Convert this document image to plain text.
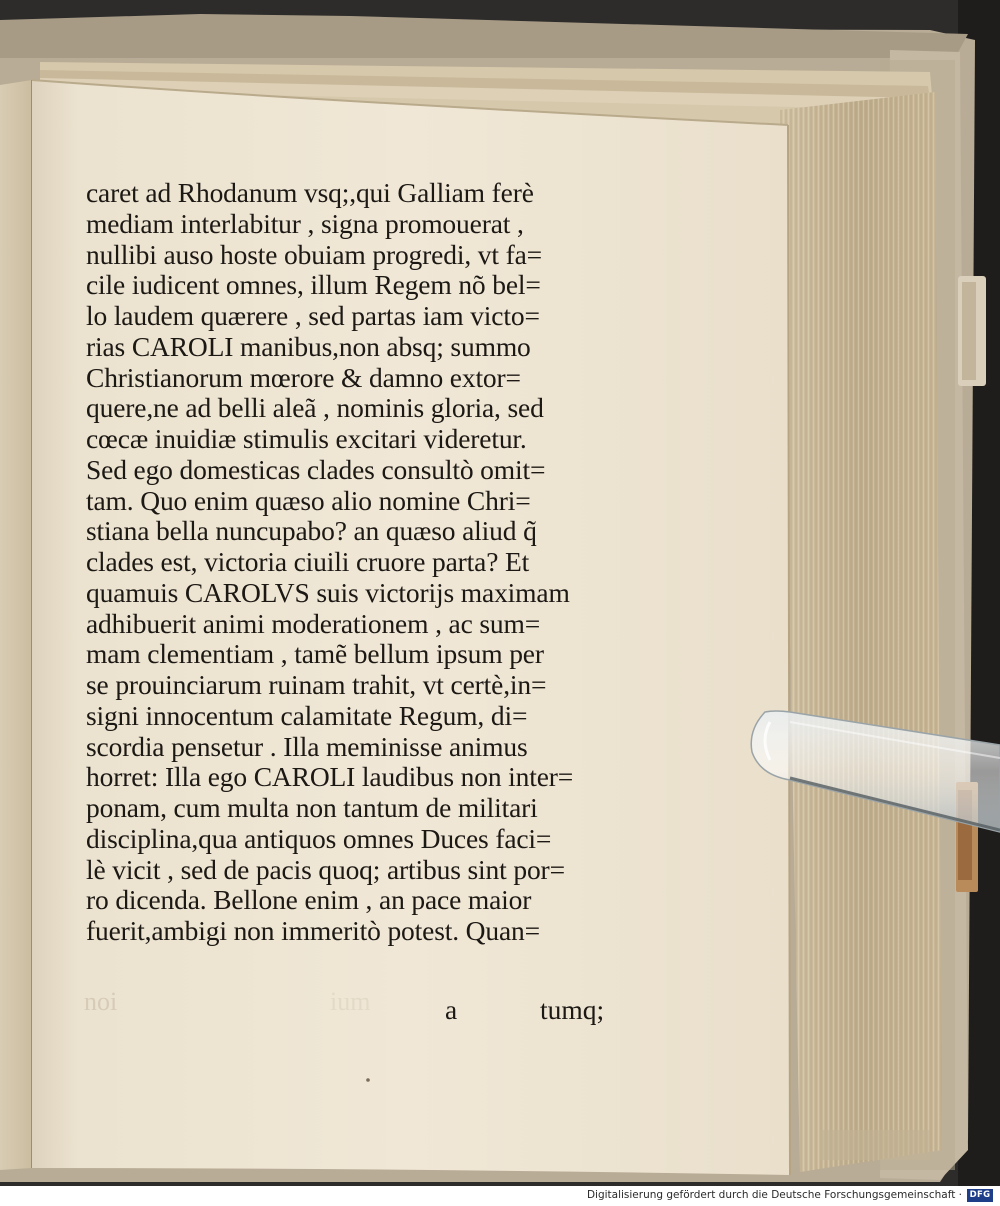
noi	ium
caret ad Rhodanum vsq;,qui Galliam ferè
mediam interlabitur , signa promouerat ,
nullibi auso hoste obuiam progredi, vt fa=
cile iudicent omnes, illum Regem nõ bel=
lo laudem quærere , sed partas iam victo=
rias CAROLI manibus,non absq; summo
Christianorum mœrore & damno extor=
quere,ne ad belli aleã , nominis gloria, sed
cœcæ inuidiæ stimulis excitari videretur.
Sed ego domesticas clades consultò omit=
tam. Quo enim quæso alio nomine Chri=
stiana bella nuncupabo? an quæso aliud q̃
clades est, victoria ciuili cruore parta? Et
quamuis CAROLVS suis victorijs maximam
adhibuerit animi moderationem , ac sum=
mam clementiam , tamẽ bellum ipsum per
se prouinciarum ruinam trahit, vt certè,in=
signi innocentum calamitate Regum, di=
scordia pensetur . Illa meminisse animus
horret: Illa ego CAROLI laudibus non inter=
ponam, cum multa non tantum de militari
disciplina,qua antiquos omnes Duces faci=
lè vicit , sed de pacis quoq; artibus sint por=
ro dicenda. Bellone enim , an pace maior
fuerit,ambigi non immeritò potest. Quan=
a	tumq;
Digitalisierung gefördert durch die Deutsche Forschungsgemeinschaft · DFG
